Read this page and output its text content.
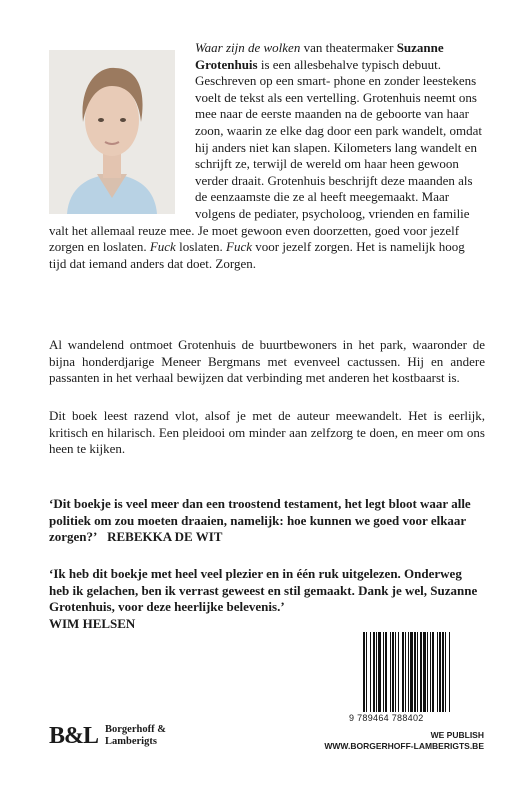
Waar zijn de wolken van theatermaker Suzanne Grotenhuis is een allesbehalve typisch debuut. Geschreven op een smart- phone en zonder leestekens voelt de tekst als een vertelling. Grotenhuis neemt ons mee naar de eerste maanden na de geboorte van haar zoon, waarin ze elke dag door een park wandelt, omdat hij anders niet kan slapen. Kilometers lang wandelt en schrijft ze, terwijl de wereld om haar heen gewoon verder draait. Grotenhuis beschrijft deze maanden als de eenzaamste die ze al heeft meegemaakt. Maar volgens de pediater, psycholoog, vrienden en familie valt het allemaal reuze mee. Je moet gewoon even doorzetten, goed voor jezelf zorgen en loslaten. Fuck loslaten. Fuck voor jezelf zorgen. Het is namelijk hoog tijd dat iemand anders dat doet. Zorgen.

Al wandelend ontmoet Grotenhuis de buurtbewoners in het park, waaronder de bijna honderdjarige Meneer Bergmans met evenveel cactussen. Hij en andere passanten in het verhaal bewijzen dat verbinding met anderen het kostbaarst is.

Dit boek leest razend vlot, alsof je met de auteur meewandelt. Het is eerlijk, kritisch en hilarisch. Een pleidooi om minder aan zelfzorg te doen, en meer om ons heen te kijken.

‘Dit boekje is veel meer dan een troostend testament, het legt bloot waar alle politiek om zou moeten draaien, namelijk: hoe kunnen we goed voor elkaar zorgen?’ REBEKKA DE WIT
‘Ik heb dit boekje met heel veel plezier en in één ruk uitgelezen. Onderweg heb ik gelachen, ben ik verrast geweest en stil gemaakt. Dank je wel, Suzanne Grotenhuis, voor deze heerlijke belevenis.’
WIM HELSEN
9 789464 788402
B&L Borgerhoff &
Lamberigts
WE PUBLISH
WWW.BORGERHOFF-LAMBERIGTS.BE
